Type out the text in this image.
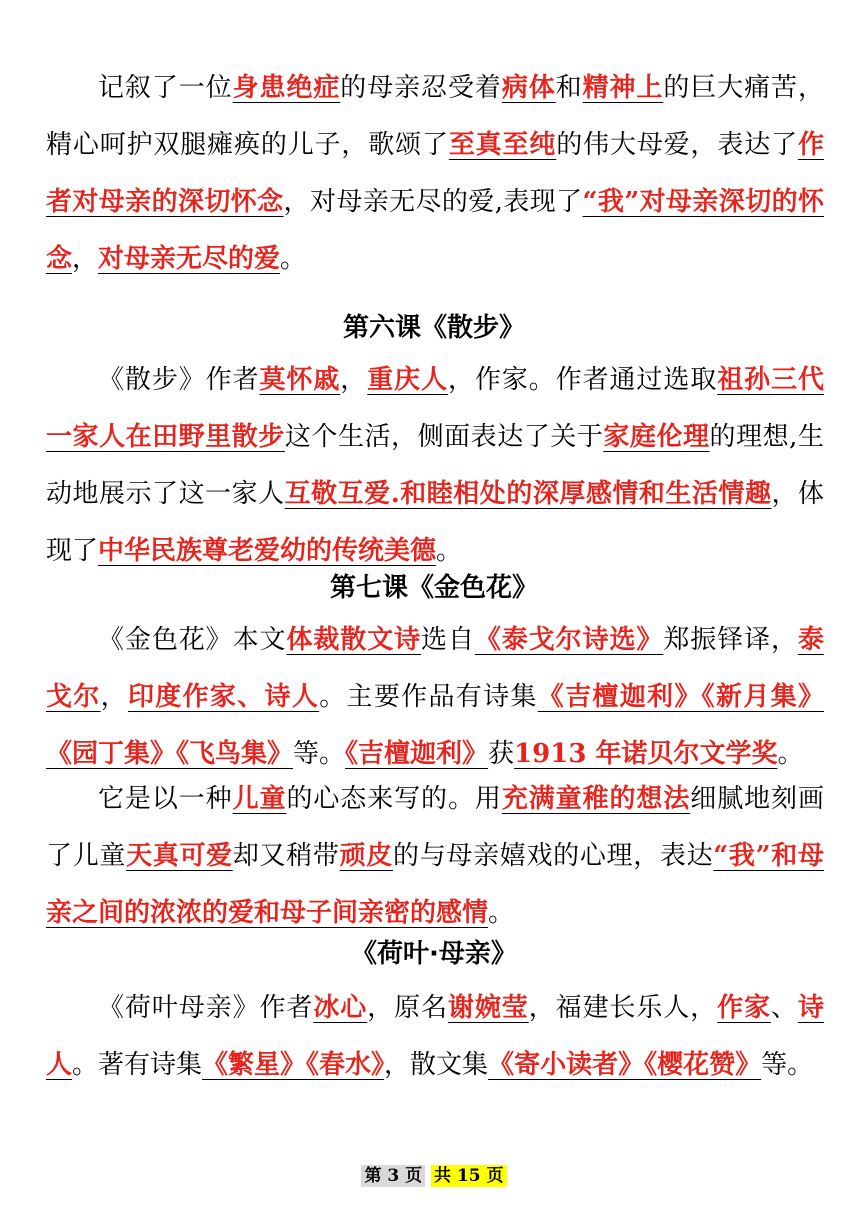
记叙了一位身患绝症的母亲忍受着病体和精神上的巨大痛苦，精心呵护双腿瘫痪的儿子，歌颂了至真至纯的伟大母爱，表达了作者对母亲的深切怀念，对母亲无尽的爱,表现了“我”对母亲深切的怀念，对母亲无尽的爱。

第六课《散步》

《散步》作者莫怀戚，重庆人，作家。作者通过选取祖孙三代一家人在田野里散步这个生活，侧面表达了关于家庭伦理的理想,生动地展示了这一家人互敬互爱.和睦相处的深厚感情和生活情趣，体现了中华民族尊老爱幼的传统美德。

第七课《金色花》

《金色花》本文体裁散文诗选自《泰戈尔诗选》郑振铎译，泰戈尔，印度作家、诗人。主要作品有诗集《吉檀迦利》《新月集》《园丁集》《飞鸟集》等。《吉檀迦利》获1913 年诺贝尔文学奖。

它是以一种儿童的心态来写的。用充满童稚的想法细腻地刻画了儿童天真可爱却又稍带顽皮的与母亲嬉戏的心理，表达“我”和母亲之间的浓浓的爱和母子间亲密的感情。

《荷叶·母亲》

《荷叶母亲》作者冰心，原名谢婉莹，福建长乐人，作家、诗人。著有诗集《繁星》《春水》，散文集《寄小读者》《樱花赞》等。

第 3 页 共 15 页
